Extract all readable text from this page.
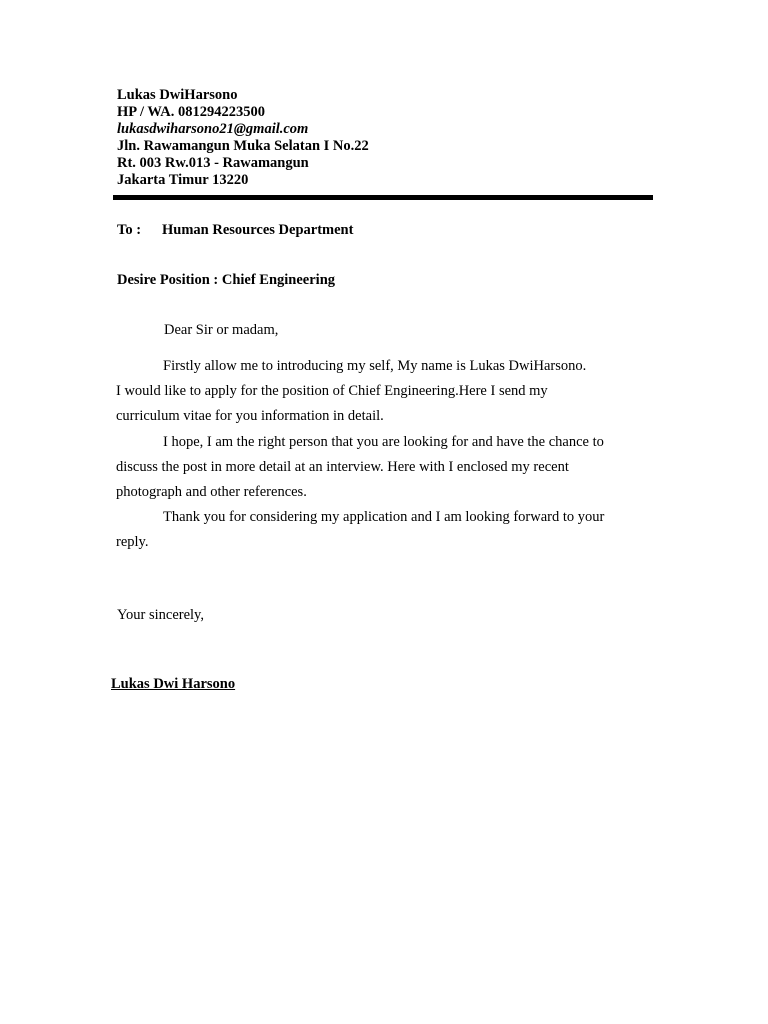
Lukas DwiHarsono
HP / WA. 081294223500
lukasdwiharsono21@gmail.com
Jln. Rawamangun Muka Selatan I No.22
Rt. 003 Rw.013 - Rawamangun
Jakarta Timur 13220
To : Human Resources Department
Desire Position : Chief Engineering
Dear Sir or madam,
Firstly allow me to introducing my self, My name is Lukas DwiHarsono.
I would like to apply for the position of Chief Engineering.Here I send my
curriculum vitae for you information in detail.
I hope, I am the right person that you are looking for and have the chance to
discuss the post in more detail at an interview. Here with I enclosed my recent
photograph and other references.
Thank you for considering my application and I am looking forward to your
reply.
Your sincerely,
Lukas Dwi Harsono
